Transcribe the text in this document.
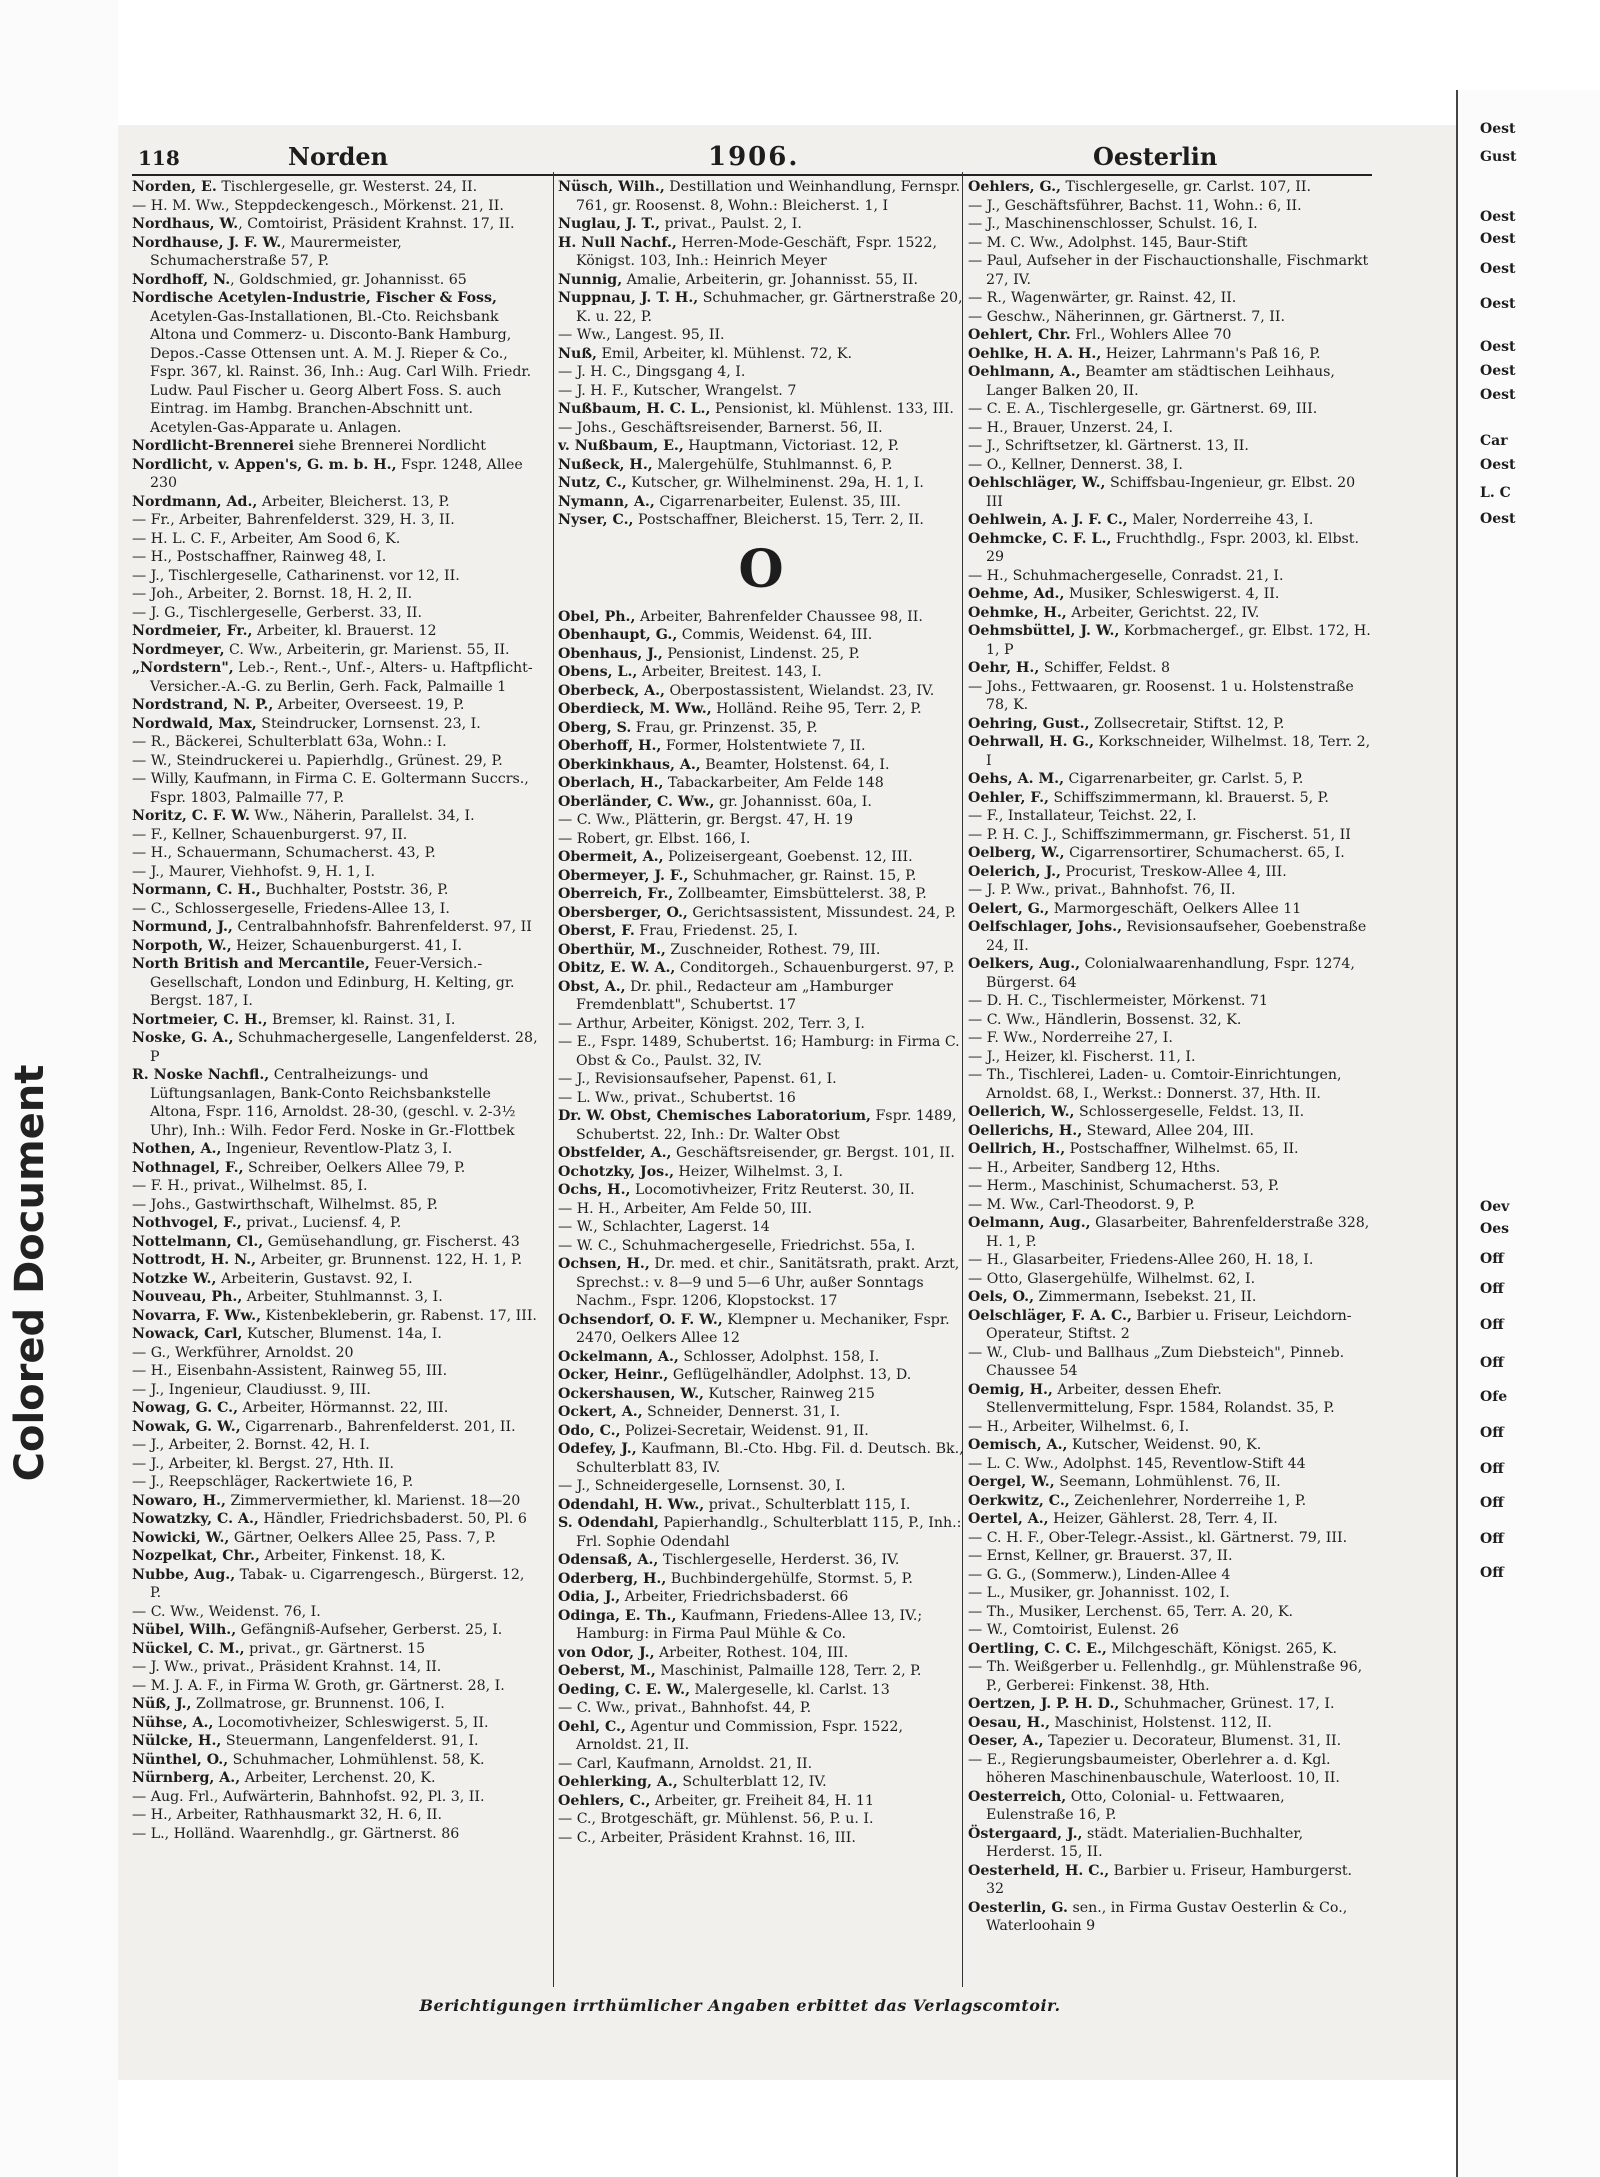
Colored Document
118	Norden	1906.	Oesterlin
Norden, E. Tischlergeselle, gr. Westerst. 24, II.
— H. M. Ww., Steppdeckengesch., Mörkenst. 21, II.
Nordhaus, W., Comtoirist, Präsident Krahnst. 17, II.
Nordhause, J. F. W., Maurermeister, Schumacherstraße 57, P.
Nordhoff, N., Goldschmied, gr. Johannisst. 65
Nordische Acetylen-Industrie, Fischer & Foss, Acetylen-Gas-Installationen, Bl.-Cto. Reichsbank Altona und Commerz- u. Disconto-Bank Hamburg, Depos.-Casse Ottensen unt. A. M. J. Rieper & Co., Fspr. 367, kl. Rainst. 36, Inh.: Aug. Carl Wilh. Friedr. Ludw. Paul Fischer u. Georg Albert Foss. S. auch Eintrag. im Hambg. Branchen-Abschnitt unt. Acetylen-Gas-Apparate u. Anlagen.
Nordlicht-Brennerei siehe Brennerei Nordlicht
Nordlicht, v. Appen's, G. m. b. H., Fspr. 1248, Allee 230
Nordmann, Ad., Arbeiter, Bleicherst. 13, P.
— Fr., Arbeiter, Bahrenfelderst. 329, H. 3, II.
— H. L. C. F., Arbeiter, Am Sood 6, K.
— H., Postschaffner, Rainweg 48, I.
— J., Tischlergeselle, Catharinenst. vor 12, II.
— Joh., Arbeiter, 2. Bornst. 18, H. 2, II.
— J. G., Tischlergeselle, Gerberst. 33, II.
Nordmeier, Fr., Arbeiter, kl. Brauerst. 12
Nordmeyer, C. Ww., Arbeiterin, gr. Marienst. 55, II.
„Nordstern", Leb.-, Rent.-, Unf.-, Alters- u. Haftpflicht-Versicher.-A.-G. zu Berlin, Gerh. Fack, Palmaille 1
Nordstrand, N. P., Arbeiter, Overseest. 19, P.
Nordwald, Max, Steindrucker, Lornsenst. 23, I.
— R., Bäckerei, Schulterblatt 63a, Wohn.: I.
— W., Steindruckerei u. Papierhdlg., Grünest. 29, P.
— Willy, Kaufmann, in Firma C. E. Goltermann Succrs., Fspr. 1803, Palmaille 77, P.
Noritz, C. F. W. Ww., Näherin, Parallelst. 34, I.
— F., Kellner, Schauenburgerst. 97, II.
— H., Schauermann, Schumacherst. 43, P.
— J., Maurer, Viehhofst. 9, H. 1, I.
Normann, C. H., Buchhalter, Poststr. 36, P.
— C., Schlossergeselle, Friedens-Allee 13, I.
Normund, J., Centralbahnhofsfr. Bahrenfelderst. 97, II
Norpoth, W., Heizer, Schauenburgerst. 41, I.
North British and Mercantile, Feuer-Versich.-Gesellschaft, London und Edinburg, H. Kelting, gr. Bergst. 187, I.
Nortmeier, C. H., Bremser, kl. Rainst. 31, I.
Noske, G. A., Schuhmachergeselle, Langenfelderst. 28, P
R. Noske Nachfl., Centralheizungs- und Lüftungsanlagen, Bank-Conto Reichsbankstelle Altona, Fspr. 116, Arnoldst. 28-30, (geschl. v. 2-3½ Uhr), Inh.: Wilh. Fedor Ferd. Noske in Gr.-Flottbek
Nothen, A., Ingenieur, Reventlow-Platz 3, I.
Nothnagel, F., Schreiber, Oelkers Allee 79, P.
— F. H., privat., Wilhelmst. 85, I.
— Johs., Gastwirthschaft, Wilhelmst. 85, P.
Nothvogel, F., privat., Luciensf. 4, P.
Nottelmann, Cl., Gemüsehandlung, gr. Fischerst. 43
Nottrodt, H. N., Arbeiter, gr. Brunnenst. 122, H. 1, P.
Notzke W., Arbeiterin, Gustavst. 92, I.
Nouveau, Ph., Arbeiter, Stuhlmannst. 3, I.
Novarra, F. Ww., Kistenbekleberin, gr. Rabenst. 17, III.
Nowack, Carl, Kutscher, Blumenst. 14a, I.
— G., Werkführer, Arnoldst. 20
— H., Eisenbahn-Assistent, Rainweg 55, III.
— J., Ingenieur, Claudiusst. 9, III.
Nowag, G. C., Arbeiter, Hörmannst. 22, III.
Nowak, G. W., Cigarrenarb., Bahrenfelderst. 201, II.
— J., Arbeiter, 2. Bornst. 42, H. I.
— J., Arbeiter, kl. Bergst. 27, Hth. II.
— J., Reepschläger, Rackertwiete 16, P.
Nowaro, H., Zimmervermiether, kl. Marienst. 18—20
Nowatzky, C. A., Händler, Friedrichsbaderst. 50, Pl. 6
Nowicki, W., Gärtner, Oelkers Allee 25, Pass. 7, P.
Nozpelkat, Chr., Arbeiter, Finkenst. 18, K.
Nubbe, Aug., Tabak- u. Cigarrengesch., Bürgerst. 12, P.
— C. Ww., Weidenst. 76, I.
Nübel, Wilh., Gefängniß-Aufseher, Gerberst. 25, I.
Nückel, C. M., privat., gr. Gärtnerst. 15
— J. Ww., privat., Präsident Krahnst. 14, II.
— M. J. A. F., in Firma W. Groth, gr. Gärtnerst. 28, I.
Nüß, J., Zollmatrose, gr. Brunnenst. 106, I.
Nühse, A., Locomotivheizer, Schleswigerst. 5, II.
Nülcke, H., Steuermann, Langenfelderst. 91, I.
Nünthel, O., Schuhmacher, Lohmühlenst. 58, K.
Nürnberg, A., Arbeiter, Lerchenst. 20, K.
— Aug. Frl., Aufwärterin, Bahnhofst. 92, Pl. 3, II.
— H., Arbeiter, Rathhausmarkt 32, H. 6, II.
— L., Holländ. Waarenhdlg., gr. Gärtnerst. 86
Nüsch, Wilh., Destillation und Weinhandlung, Fernspr. 761, gr. Roosenst. 8, Wohn.: Bleicherst. 1, I
Nuglau, J. T., privat., Paulst. 2, I.
H. Null Nachf., Herren-Mode-Geschäft, Fspr. 1522, Königst. 103, Inh.: Heinrich Meyer
Nunnig, Amalie, Arbeiterin, gr. Johannisst. 55, II.
Nuppnau, J. T. H., Schuhmacher, gr. Gärtnerstraße 20, K. u. 22, P.
— Ww., Langest. 95, II.
Nuß, Emil, Arbeiter, kl. Mühlenst. 72, K.
— J. H. C., Dingsgang 4, I.
— J. H. F., Kutscher, Wrangelst. 7
Nußbaum, H. C. L., Pensionist, kl. Mühlenst. 133, III.
— Johs., Geschäftsreisender, Barnerst. 56, II.
v. Nußbaum, E., Hauptmann, Victoriast. 12, P.
Nußeck, H., Malergehülfe, Stuhlmannst. 6, P.
Nutz, C., Kutscher, gr. Wilhelminenst. 29a, H. 1, I.
Nymann, A., Cigarrenarbeiter, Eulenst. 35, III.
Nyser, C., Postschaffner, Bleicherst. 15, Terr. 2, II.
O
Obel, Ph., Arbeiter, Bahrenfelder Chaussee 98, II.
Obenhaupt, G., Commis, Weidenst. 64, III.
Obenhaus, J., Pensionist, Lindenst. 25, P.
Obens, L., Arbeiter, Breitest. 143, I.
Oberbeck, A., Oberpostassistent, Wielandst. 23, IV.
Oberdieck, M. Ww., Holländ. Reihe 95, Terr. 2, P.
Oberg, S. Frau, gr. Prinzenst. 35, P.
Oberhoff, H., Former, Holstentwiete 7, II.
Oberkinkhaus, A., Beamter, Holstenst. 64, I.
Oberlach, H., Tabackarbeiter, Am Felde 148
Oberländer, C. Ww., gr. Johannisst. 60a, I.
— C. Ww., Plätterin, gr. Bergst. 47, H. 19
— Robert, gr. Elbst. 166, I.
Obermeit, A., Polizeisergeant, Goebenst. 12, III.
Obermeyer, J. F., Schuhmacher, gr. Rainst. 15, P.
Oberreich, Fr., Zollbeamter, Eimsbüttelerst. 38, P.
Obersberger, O., Gerichtsassistent, Missundest. 24, P.
Oberst, F. Frau, Friedenst. 25, I.
Oberthür, M., Zuschneider, Rothest. 79, III.
Obitz, E. W. A., Conditorgeh., Schauenburgerst. 97, P.
Obst, A., Dr. phil., Redacteur am „Hamburger Fremdenblatt", Schubertst. 17
— Arthur, Arbeiter, Königst. 202, Terr. 3, I.
— E., Fspr. 1489, Schubertst. 16; Hamburg: in Firma C. Obst & Co., Paulst. 32, IV.
— J., Revisionsaufseher, Papenst. 61, I.
— L. Ww., privat., Schubertst. 16
Dr. W. Obst, Chemisches Laboratorium, Fspr. 1489, Schubertst. 22, Inh.: Dr. Walter Obst
Obstfelder, A., Geschäftsreisender, gr. Bergst. 101, II.
Ochotzky, Jos., Heizer, Wilhelmst. 3, I.
Ochs, H., Locomotivheizer, Fritz Reuterst. 30, II.
— H. H., Arbeiter, Am Felde 50, III.
— W., Schlachter, Lagerst. 14
— W. C., Schuhmachergeselle, Friedrichst. 55a, I.
Ochsen, H., Dr. med. et chir., Sanitätsrath, prakt. Arzt, Sprechst.: v. 8—9 und 5—6 Uhr, außer Sonntags Nachm., Fspr. 1206, Klopstockst. 17
Ochsendorf, O. F. W., Klempner u. Mechaniker, Fspr. 2470, Oelkers Allee 12
Ockelmann, A., Schlosser, Adolphst. 158, I.
Ocker, Heinr., Geflügelhändler, Adolphst. 13, D.
Ockershausen, W., Kutscher, Rainweg 215
Ockert, A., Schneider, Dennerst. 31, I.
Odo, C., Polizei-Secretair, Weidenst. 91, II.
Odefey, J., Kaufmann, Bl.-Cto. Hbg. Fil. d. Deutsch. Bk., Schulterblatt 83, IV.
— J., Schneidergeselle, Lornsenst. 30, I.
Odendahl, H. Ww., privat., Schulterblatt 115, I.
S. Odendahl, Papierhandlg., Schulterblatt 115, P., Inh.: Frl. Sophie Odendahl
Odensaß, A., Tischlergeselle, Herderst. 36, IV.
Oderberg, H., Buchbindergehülfe, Stormst. 5, P.
Odia, J., Arbeiter, Friedrichsbaderst. 66
Odinga, E. Th., Kaufmann, Friedens-Allee 13, IV.; Hamburg: in Firma Paul Mühle & Co.
von Odor, J., Arbeiter, Rothest. 104, III.
Oeberst, M., Maschinist, Palmaille 128, Terr. 2, P.
Oeding, C. E. W., Malergeselle, kl. Carlst. 13
— C. Ww., privat., Bahnhofst. 44, P.
Oehl, C., Agentur und Commission, Fspr. 1522, Arnoldst. 21, II.
— Carl, Kaufmann, Arnoldst. 21, II.
Oehlerking, A., Schulterblatt 12, IV.
Oehlers, C., Arbeiter, gr. Freiheit 84, H. 11
— C., Brotgeschäft, gr. Mühlenst. 56, P. u. I.
— C., Arbeiter, Präsident Krahnst. 16, III.
Oehlers, G., Tischlergeselle, gr. Carlst. 107, II.
— J., Geschäftsführer, Bachst. 11, Wohn.: 6, II.
— J., Maschinenschlosser, Schulst. 16, I.
— M. C. Ww., Adolphst. 145, Baur-Stift
— Paul, Aufseher in der Fischauctionshalle, Fischmarkt 27, IV.
— R., Wagenwärter, gr. Rainst. 42, II.
— Geschw., Näherinnen, gr. Gärtnerst. 7, II.
Oehlert, Chr. Frl., Wohlers Allee 70
Oehlke, H. A. H., Heizer, Lahrmann's Paß 16, P.
Oehlmann, A., Beamter am städtischen Leihhaus, Langer Balken 20, II.
— C. E. A., Tischlergeselle, gr. Gärtnerst. 69, III.
— H., Brauer, Unzerst. 24, I.
— J., Schriftsetzer, kl. Gärtnerst. 13, II.
— O., Kellner, Dennerst. 38, I.
Oehlschläger, W., Schiffsbau-Ingenieur, gr. Elbst. 20 III
Oehlwein, A. J. F. C., Maler, Norderreihe 43, I.
Oehmcke, C. F. L., Fruchthdlg., Fspr. 2003, kl. Elbst. 29
— H., Schuhmachergeselle, Conradst. 21, I.
Oehme, Ad., Musiker, Schleswigerst. 4, II.
Oehmke, H., Arbeiter, Gerichtst. 22, IV.
Oehmsbüttel, J. W., Korbmachergef., gr. Elbst. 172, H. 1, P
Oehr, H., Schiffer, Feldst. 8
— Johs., Fettwaaren, gr. Roosenst. 1 u. Holstenstraße 78, K.
Oehring, Gust., Zollsecretair, Stiftst. 12, P.
Oehrwall, H. G., Korkschneider, Wilhelmst. 18, Terr. 2, I
Oehs, A. M., Cigarrenarbeiter, gr. Carlst. 5, P.
Oehler, F., Schiffszimmermann, kl. Brauerst. 5, P.
— F., Installateur, Teichst. 22, I.
— P. H. C. J., Schiffszimmermann, gr. Fischerst. 51, II
Oelberg, W., Cigarrensortirer, Schumacherst. 65, I.
Oelerich, J., Procurist, Treskow-Allee 4, III.
— J. P. Ww., privat., Bahnhofst. 76, II.
Oelert, G., Marmorgeschäft, Oelkers Allee 11
Oelfschlager, Johs., Revisionsaufseher, Goebenstraße 24, II.
Oelkers, Aug., Colonialwaarenhandlung, Fspr. 1274, Bürgerst. 64
— D. H. C., Tischlermeister, Mörkenst. 71
— C. Ww., Händlerin, Bossenst. 32, K.
— F. Ww., Norderreihe 27, I.
— J., Heizer, kl. Fischerst. 11, I.
— Th., Tischlerei, Laden- u. Comtoir-Einrichtungen, Arnoldst. 68, I., Werkst.: Donnerst. 37, Hth. II.
Oellerich, W., Schlossergeselle, Feldst. 13, II.
Oellerichs, H., Steward, Allee 204, III.
Oellrich, H., Postschaffner, Wilhelmst. 65, II.
— H., Arbeiter, Sandberg 12, Hths.
— Herm., Maschinist, Schumacherst. 53, P.
— M. Ww., Carl-Theodorst. 9, P.
Oelmann, Aug., Glasarbeiter, Bahrenfelderstraße 328, H. 1, P.
— H., Glasarbeiter, Friedens-Allee 260, H. 18, I.
— Otto, Glasergehülfe, Wilhelmst. 62, I.
Oels, O., Zimmermann, Isebekst. 21, II.
Oelschläger, F. A. C., Barbier u. Friseur, Leichdorn-Operateur, Stiftst. 2
— W., Club- und Ballhaus „Zum Diebsteich", Pinneb. Chaussee 54
Oemig, H., Arbeiter, dessen Ehefr. Stellenvermittelung, Fspr. 1584, Rolandst. 35, P.
— H., Arbeiter, Wilhelmst. 6, I.
Oemisch, A., Kutscher, Weidenst. 90, K.
— L. C. Ww., Adolphst. 145, Reventlow-Stift 44
Oergel, W., Seemann, Lohmühlenst. 76, II.
Oerkwitz, C., Zeichenlehrer, Norderreihe 1, P.
Oertel, A., Heizer, Gählerst. 28, Terr. 4, II.
— C. H. F., Ober-Telegr.-Assist., kl. Gärtnerst. 79, III.
— Ernst, Kellner, gr. Brauerst. 37, II.
— G. G., (Sommerw.), Linden-Allee 4
— L., Musiker, gr. Johannisst. 102, I.
— Th., Musiker, Lerchenst. 65, Terr. A. 20, K.
— W., Comtoirist, Eulenst. 26
Oertling, C. C. E., Milchgeschäft, Königst. 265, K.
— Th. Weißgerber u. Fellenhdlg., gr. Mühlenstraße 96, P., Gerberei: Finkenst. 38, Hth.
Oertzen, J. P. H. D., Schuhmacher, Grünest. 17, I.
Oesau, H., Maschinist, Holstenst. 112, II.
Oeser, A., Tapezier u. Decorateur, Blumenst. 31, II.
— E., Regierungsbaumeister, Oberlehrer a. d. Kgl. höheren Maschinenbauschule, Waterloost. 10, II.
Oesterreich, Otto, Colonial- u. Fettwaaren, Eulenstraße 16, P.
Östergaard, J., städt. Materialien-Buchhalter, Herderst. 15, II.
Oesterheld, H. C., Barbier u. Friseur, Hamburgerst. 32
Oesterlin, G. sen., in Firma Gustav Oesterlin & Co., Waterloohain 9
Berichtigungen irrthümlicher Angaben erbittet das Verlagscomtoir.
Oest
Gust
Oest
Oest
Oest
Oest
Oest
Oest
Oest
Car
Oest
L. C
Oest
Oev
Oes
Off
Off
Off
Off
Ofe
Off
Off
Off
Off
Off
